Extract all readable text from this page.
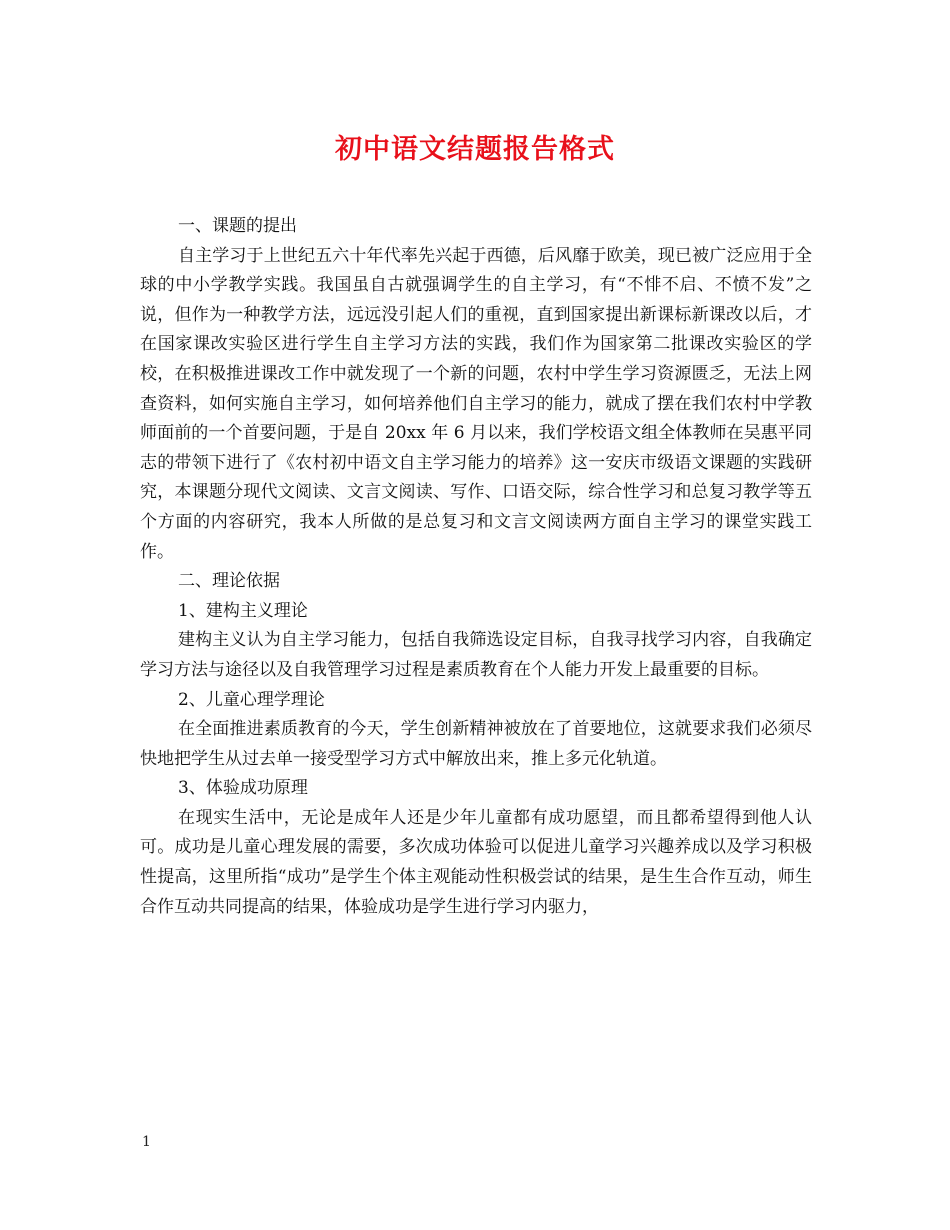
初中语文结题报告格式

一、课题的提出

自主学习于上世纪五六十年代率先兴起于西德，后风靡于欧美，现已被广泛应用于全球的中小学教学实践。我国虽自古就强调学生的自主学习，有“不悱不启、不愤不发”之说，但作为一种教学方法，远远没引起人们的重视，直到国家提出新课标新课改以后，才在国家课改实验区进行学生自主学习方法的实践，我们作为国家第二批课改实验区的学校，在积极推进课改工作中就发现了一个新的问题，农村中学生学习资源匮乏，无法上网查资料，如何实施自主学习，如何培养他们自主学习的能力，就成了摆在我们农村中学教师面前的一个首要问题，于是自 20xx 年 6 月以来，我们学校语文组全体教师在吴惠平同志的带领下进行了《农村初中语文自主学习能力的培养》这一安庆市级语文课题的实践研究，本课题分现代文阅读、文言文阅读、写作、口语交际，综合性学习和总复习教学等五个方面的内容研究，我本人所做的是总复习和文言文阅读两方面自主学习的课堂实践工作。

二、理论依据

1、建构主义理论

建构主义认为自主学习能力，包括自我筛选设定目标，自我寻找学习内容，自我确定学习方法与途径以及自我管理学习过程是素质教育在个人能力开发上最重要的目标。

2、儿童心理学理论

在全面推进素质教育的今天，学生创新精神被放在了首要地位，这就要求我们必须尽快地把学生从过去单一接受型学习方式中解放出来，推上多元化轨道。

3、体验成功原理

在现实生活中，无论是成年人还是少年儿童都有成功愿望，而且都希望得到他人认可。成功是儿童心理发展的需要，多次成功体验可以促进儿童学习兴趣养成以及学习积极性提高，这里所指“成功”是学生个体主观能动性积极尝试的结果，是生生合作互动，师生合作互动共同提高的结果，体验成功是学生进行学习内驱力，

1
